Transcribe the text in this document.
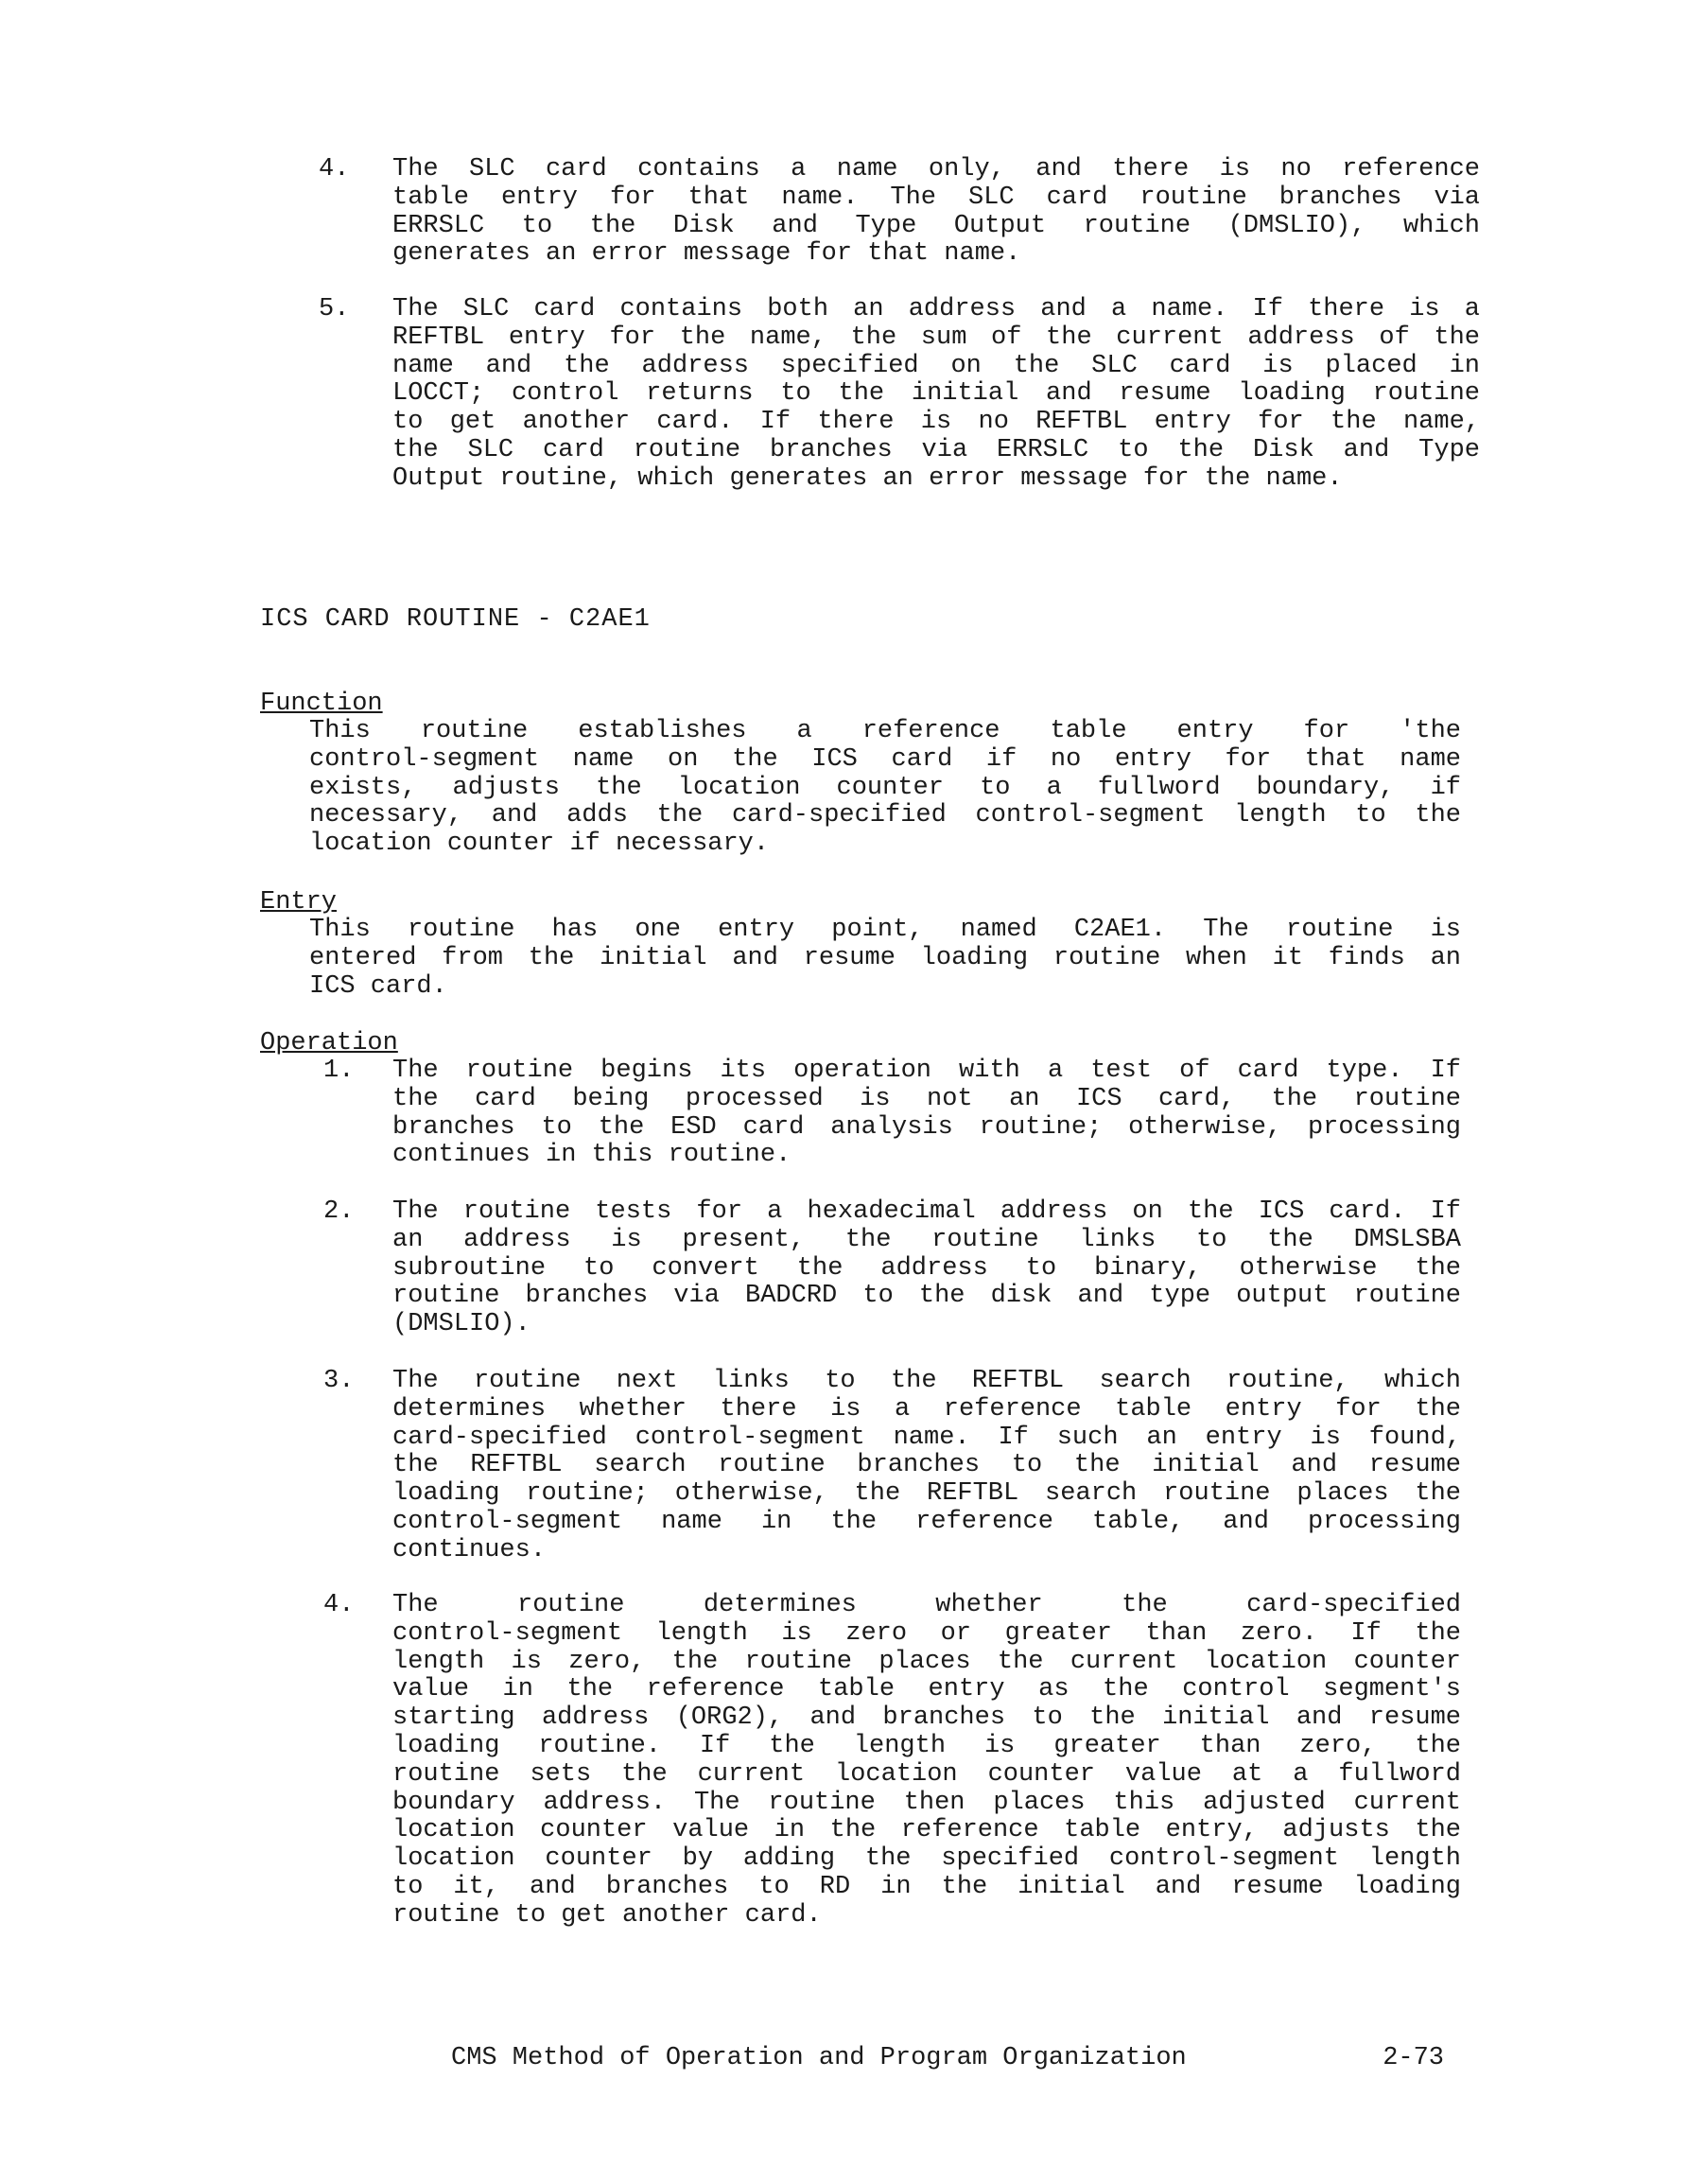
4. The SLC card contains a name only, and there is no reference
table entry for that name. The SLC card routine branches via
ERRSLC to the Disk and Type Output routine (DMSLIO), which
generates an error message for that name.
5. The SLC card contains both an address and a name. If there is a
REFTBL entry for the name, the sum of the current address of the
name and the address specified on the SLC card is placed in
LOCCT; control returns to the initial and resume loading routine
to get another card. If there is no REFTBL entry for the name,
the SLC card routine branches via ERRSLC to the Disk and Type
Output routine, which generates an error message for the name.
ICS CARD ROUTINE - C2AE1
Function
This routine establishes a reference table entry for 'the
control-segment name on the ICS card if no entry for that name
exists, adjusts the location counter to a fullword boundary, if
necessary, and adds the card-specified control-segment length to the
location counter if necessary.
Entry
This routine has one entry point, named C2AE1. The routine is
entered from the initial and resume loading routine when it finds an
ICS card.
Operation
1. The routine begins its operation with a test of card type. If
the card being processed is not an ICS card, the routine
branches to the ESD card analysis routine; otherwise, processing
continues in this routine.
2. The routine tests for a hexadecimal address on the ICS card. If
an address is present, the routine links to the DMSLSBA
subroutine to convert the address to binary, otherwise the
routine branches via BADCRD to the disk and type output routine
(DMSLIO).
3. The routine next links to the REFTBL search routine, which
determines whether there is a reference table entry for the
card-specified control-segment name. If such an entry is found,
the REFTBL search routine branches to the initial and resume
loading routine; otherwise, the REFTBL search routine places the
control-segment name in the reference table, and processing
continues.
4. The routine determines whether the card-specified
control-segment length is zero or greater than zero. If the
length is zero, the routine places the current location counter
value in the reference table entry as the control segment's
starting address (ORG2), and branches to the initial and resume
loading routine. If the length is greater than zero, the
routine sets the current location counter value at a fullword
boundary address. The routine then places this adjusted current
location counter value in the reference table entry, adjusts the
location counter by adding the specified control-segment length
to it, and branches to RD in the initial and resume loading
routine to get another card.
CMS Method of Operation and Program Organization	2-73
